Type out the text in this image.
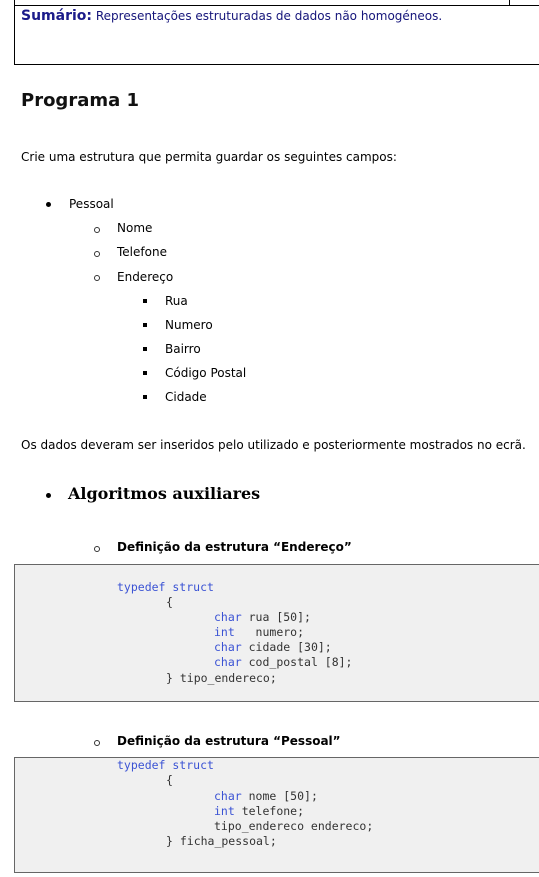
Sumário: Representações estruturadas de dados não homogéneos.
Programa 1
Crie uma estrutura que permita guardar os seguintes campos:
Pessoal
Nome
Telefone
Endereço
Rua
Numero
Bairro
Código Postal
Cidade
Os dados deveram ser inseridos pelo utilizado e posteriormente mostrados no ecrã.
Algoritmos auxiliares
Definição da estrutura “Endereço”
typedef struct
{
char rua [50];
int   numero;
char cidade [30];
char cod_postal [8];
} tipo_endereco;
Definição da estrutura “Pessoal”
typedef struct
{
char nome [50];
int telefone;
tipo_endereco endereco;
} ficha_pessoal;
